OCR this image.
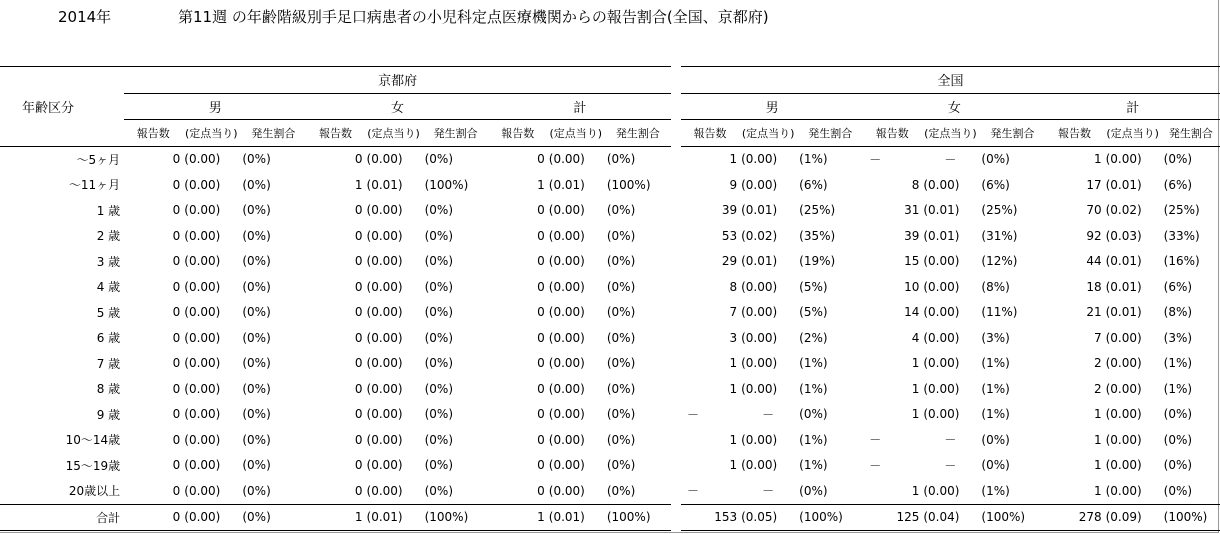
2014年	第11週 の年齢階級別手足口病患者の小児科定点医療機関からの報告割合(全国、京都府)
年齢区分	京都府										全国								
	男			女			計				男			女			計		
	報告数	(定点当り)	発生割合	報告数	(定点当り)	発生割合	報告数	(定点当り)	発生割合		報告数	(定点当り)	発生割合	報告数	(定点当り)	発生割合	報告数	(定点当り)	発生割合
～5ヶ月	0	(0.00)	(0%)	0	(0.00)	(0%)	0	(0.00)	(0%)		1	(0.00)	(1%)	－	－	(0%)	1	(0.00)	(0%)
～11ヶ月	0	(0.00)	(0%)	1	(0.01)	(100%)	1	(0.01)	(100%)		9	(0.00)	(6%)	8	(0.00)	(6%)	17	(0.01)	(6%)
1 歳	0	(0.00)	(0%)	0	(0.00)	(0%)	0	(0.00)	(0%)		39	(0.01)	(25%)	31	(0.01)	(25%)	70	(0.02)	(25%)
2 歳	0	(0.00)	(0%)	0	(0.00)	(0%)	0	(0.00)	(0%)		53	(0.02)	(35%)	39	(0.01)	(31%)	92	(0.03)	(33%)
3 歳	0	(0.00)	(0%)	0	(0.00)	(0%)	0	(0.00)	(0%)		29	(0.01)	(19%)	15	(0.00)	(12%)	44	(0.01)	(16%)
4 歳	0	(0.00)	(0%)	0	(0.00)	(0%)	0	(0.00)	(0%)		8	(0.00)	(5%)	10	(0.00)	(8%)	18	(0.01)	(6%)
5 歳	0	(0.00)	(0%)	0	(0.00)	(0%)	0	(0.00)	(0%)		7	(0.00)	(5%)	14	(0.00)	(11%)	21	(0.01)	(8%)
6 歳	0	(0.00)	(0%)	0	(0.00)	(0%)	0	(0.00)	(0%)		3	(0.00)	(2%)	4	(0.00)	(3%)	7	(0.00)	(3%)
7 歳	0	(0.00)	(0%)	0	(0.00)	(0%)	0	(0.00)	(0%)		1	(0.00)	(1%)	1	(0.00)	(1%)	2	(0.00)	(1%)
8 歳	0	(0.00)	(0%)	0	(0.00)	(0%)	0	(0.00)	(0%)		1	(0.00)	(1%)	1	(0.00)	(1%)	2	(0.00)	(1%)
9 歳	0	(0.00)	(0%)	0	(0.00)	(0%)	0	(0.00)	(0%)		－	－	(0%)	1	(0.00)	(1%)	1	(0.00)	(0%)
10～14歳	0	(0.00)	(0%)	0	(0.00)	(0%)	0	(0.00)	(0%)		1	(0.00)	(1%)	－	－	(0%)	1	(0.00)	(0%)
15～19歳	0	(0.00)	(0%)	0	(0.00)	(0%)	0	(0.00)	(0%)		1	(0.00)	(1%)	－	－	(0%)	1	(0.00)	(0%)
20歳以上	0	(0.00)	(0%)	0	(0.00)	(0%)	0	(0.00)	(0%)		－	－	(0%)	1	(0.00)	(1%)	1	(0.00)	(0%)
合計	0	(0.00)	(0%)	1	(0.01)	(100%)	1	(0.01)	(100%)		153	(0.05)	(100%)	125	(0.04)	(100%)	278	(0.09)	(100%)
